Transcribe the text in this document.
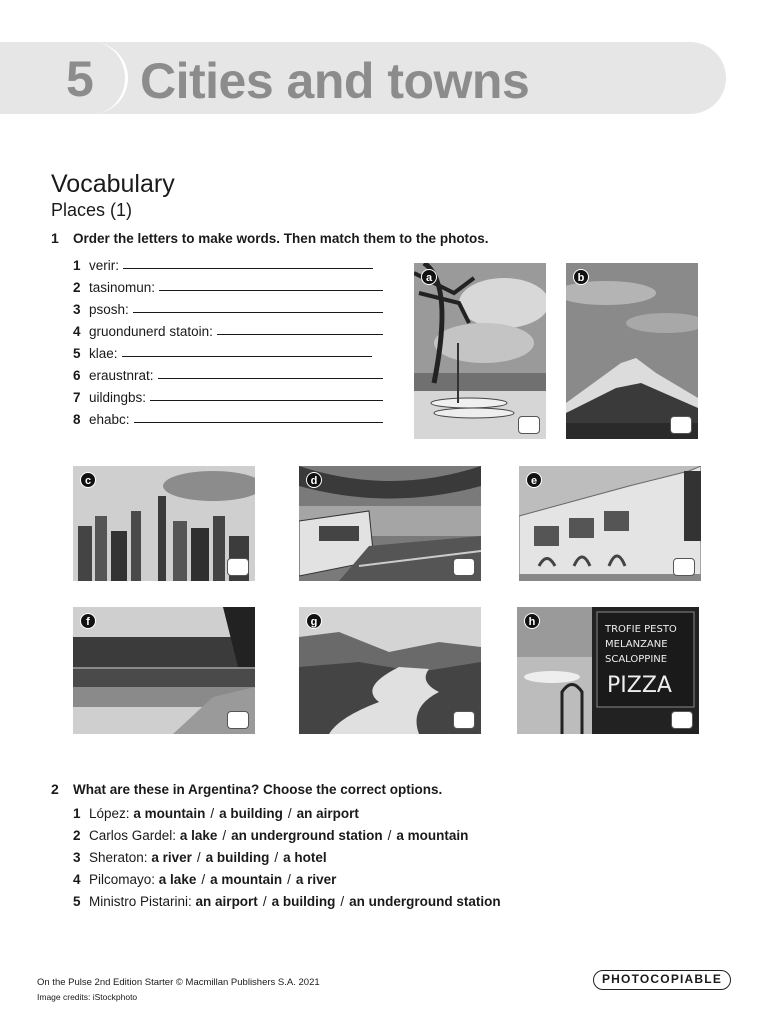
5 Cities and towns
Vocabulary
Places (1)
1 Order the letters to make words. Then match them to the photos.
1 verir:
2 tasinomun:
3 psosh:
4 gruondunerd statoin:
5 klae:
6 eraustnrat:
7 uildingbs:
8 ehabc:
a	b
c	d	e
f	g
TROFIE PESTO
MELANZANE
SCALOPPINE
PIZZA
h
2 What are these in Argentina? Choose the correct options.
1 López:
a mountain / a building / an airport
2 Carlos Gardel:
a lake / an underground station / a mountain
3 Sheraton:
a river / a building / a hotel
4 Pilcomayo:
a lake / a mountain / a river
5 Ministro Pistarini:
an airport / a building / an underground station
On the Pulse 2nd Edition Starter © Macmillan Publishers S.A. 2021
Image credits: iStockphoto
PHOTOCOPIABLE
